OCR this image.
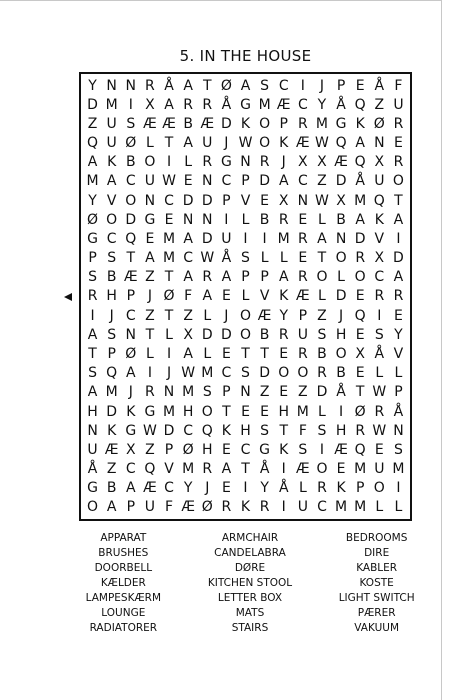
5. IN THE HOUSE
Y N N R Å A T Ø A S C I	J P E Å F
D M I X A R R Å G M Æ C Y Å Q Z U
Z U S Æ Æ B Æ D K O P R M G K Ø R
Q U Ø L T A U J W O K Æ W Q A N E
A K B O I L R G N R J X X Æ Q X R
M A C U W E N C P D A C Z D Å U O
Y V O N C D D P V E X N W X M Q T
Ø O D G E N N I L B R E L B A K A
G C Q E M A D U I	I M R A N D V I
P S T A M C W Å S L L E T O R X D
S B Æ Z T A R A P P A R O L O C A
R H P J Ø F A E L V K Æ L D E R R
I	J C Z T Z L J O Æ Y P Z J Q I E
A S N T L X D D O B R U S H E S Y
T P Ø L I A L E T T E R B O X Å V
S Q A I	J W M C S D O O R B E L L
A M J R N M S P N Z E Z D Å T W P
H D K G M H O T E E H M L I Ø R Å
N K G W D C Q K H S T F S H R W N
U Æ X Z P Ø H E C G K S I Æ Q E S
Å Z C Q V M R A T Å I Æ O E M U M
G B A Æ C Y J E I Y Å L R K P O I
O A P U F Æ Ø R K R I U C M M L L
APPARAT	ARMCHAIR	BEDROOMS
BRUSHES	CANDELABRA	DIRE
DOORBELL	DØRE	KABLER
KÆLDER	KITCHEN STOOL	KOSTE
LAMPESKÆRM	LETTER BOX	LIGHT SWITCH
LOUNGE	MATS	PÆRER
RADIATORER	STAIRS	VAKUUM
